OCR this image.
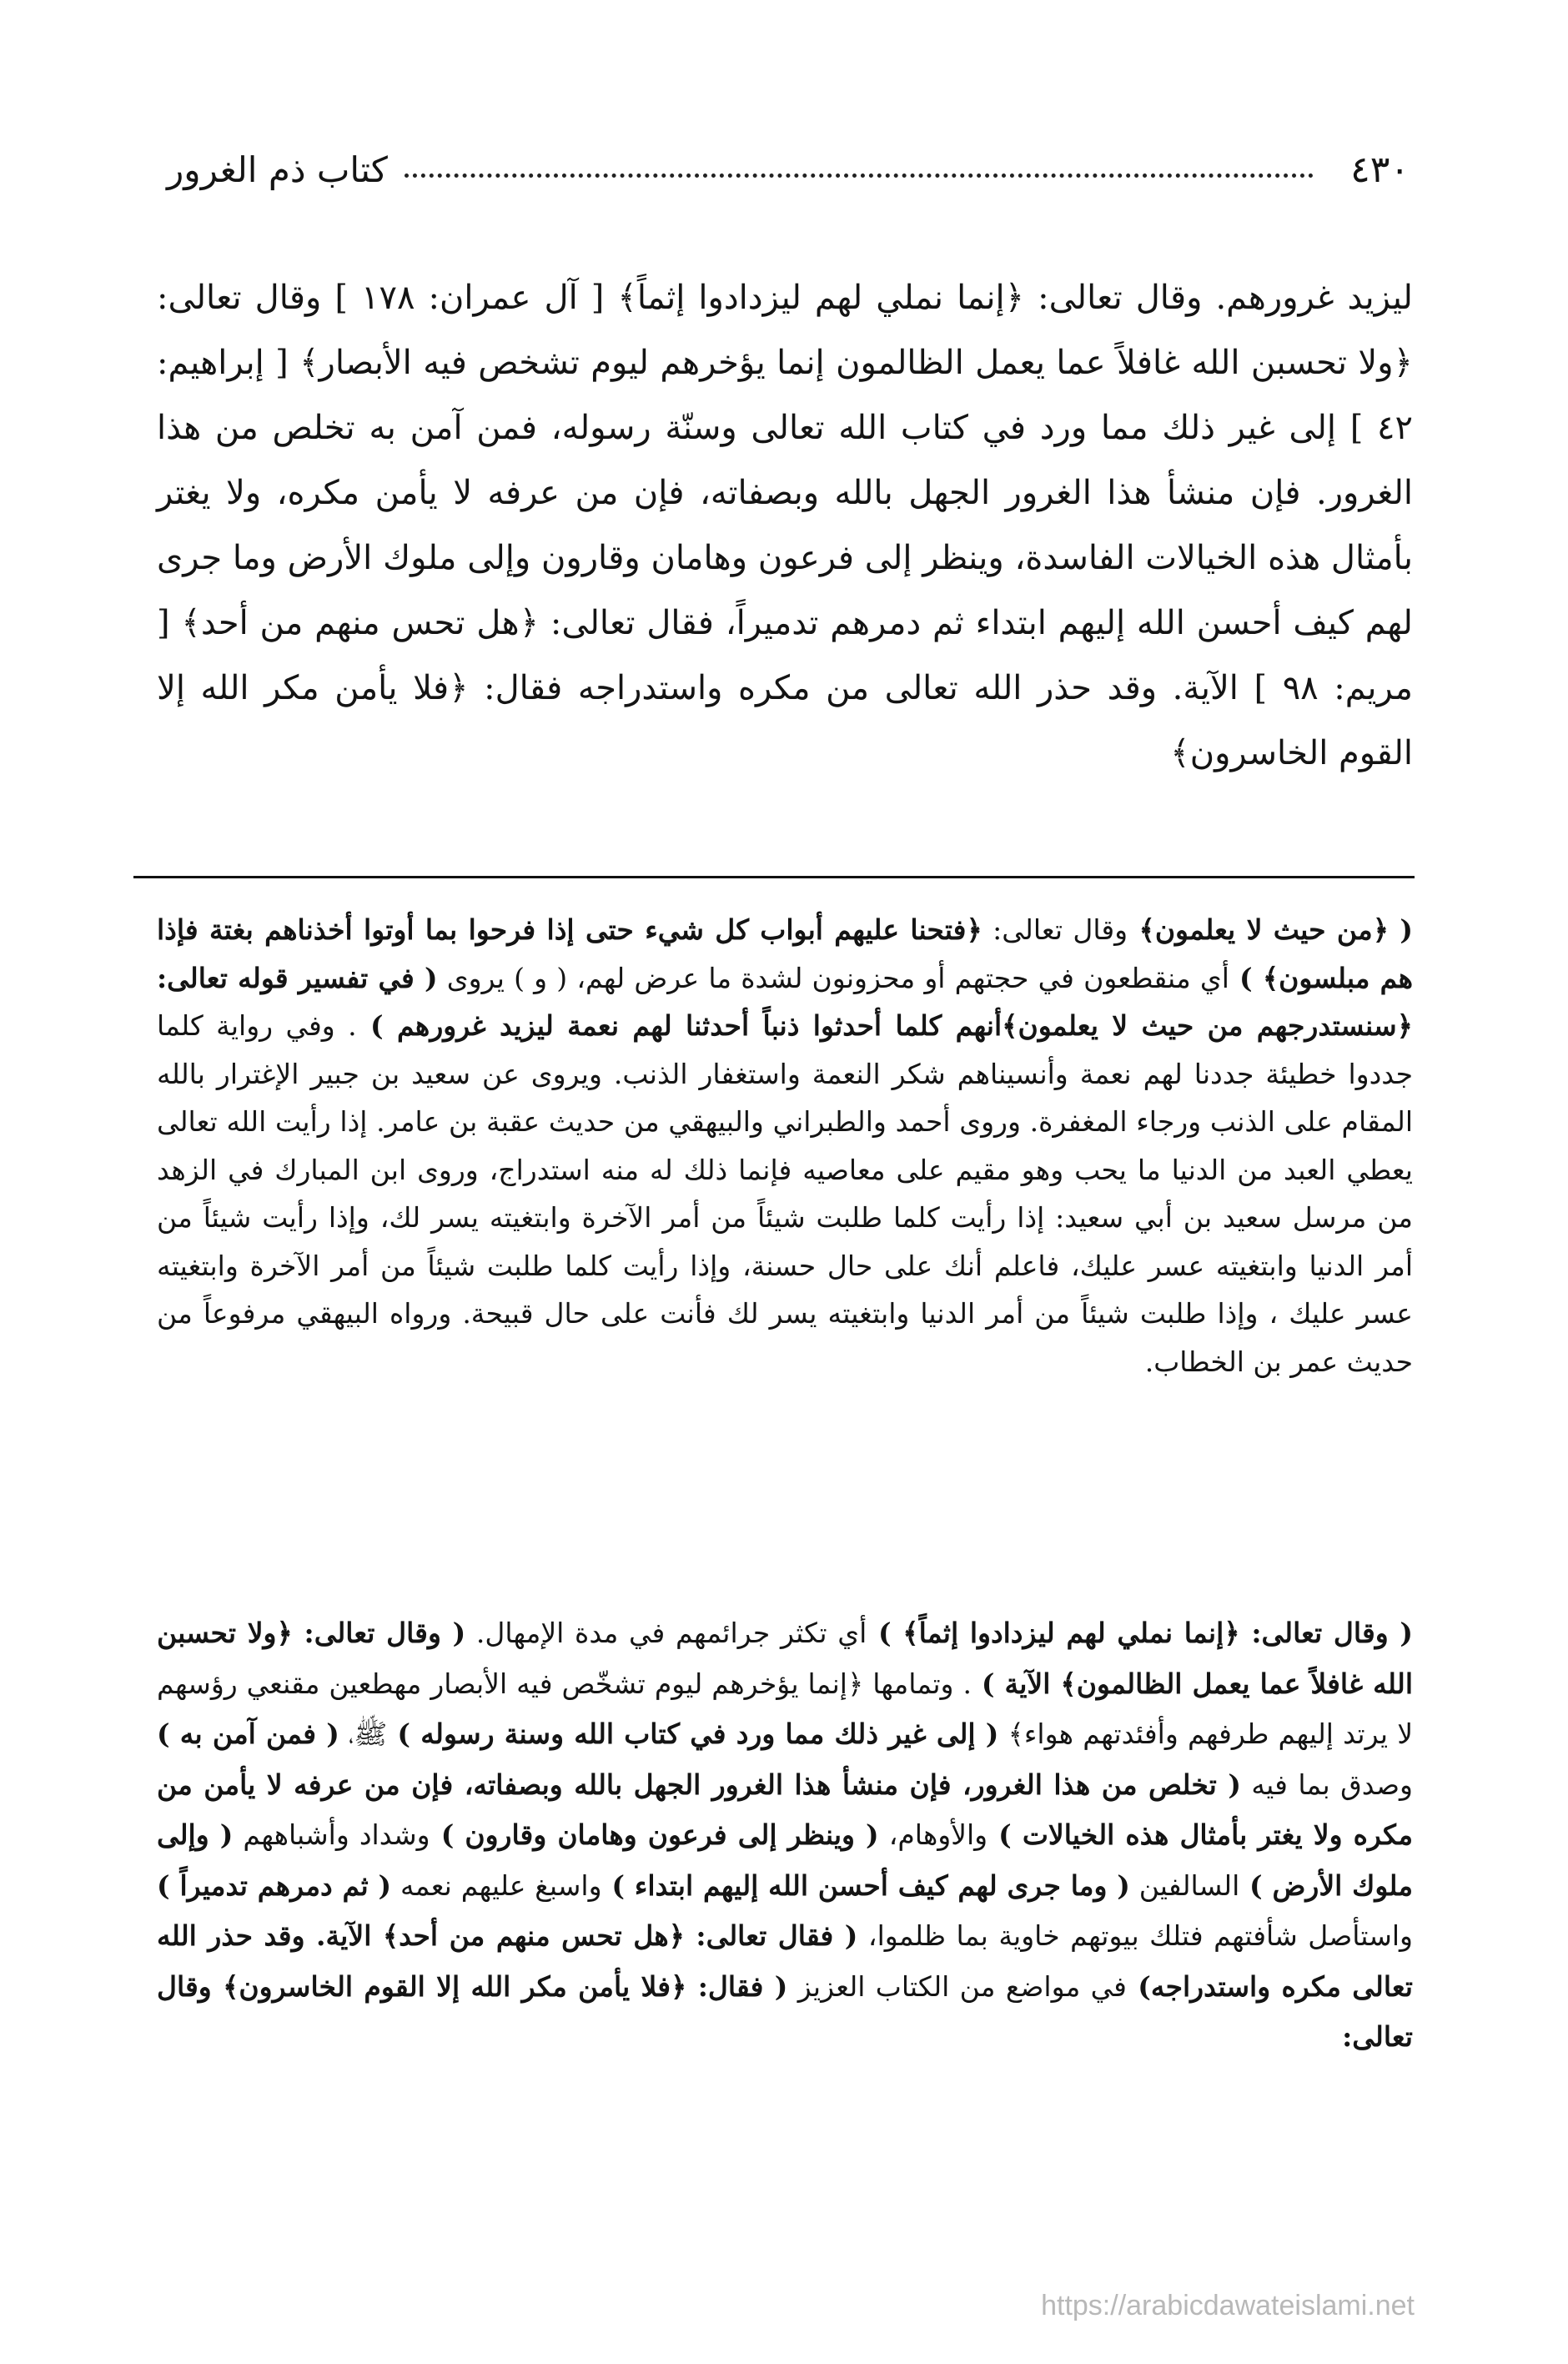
٤٣٠
كتاب ذم الغرور

ليزيد غرورهم. وقال تعالى: ﴿إنما نملي لهم ليزدادوا إثماً﴾ [ آل عمران: ١٧٨ ] وقال تعالى: ﴿ولا تحسبن الله غافلاً عما يعمل الظالمون إنما يؤخرهم ليوم تشخص فيه الأبصار﴾ [ إبراهيم: ٤٢ ] إلى غير ذلك مما ورد في كتاب الله تعالى وسنّة رسوله، فمن آمن به تخلص من هذا الغرور. فإن منشأ هذا الغرور الجهل بالله وبصفاته، فإن من عرفه لا يأمن مكره، ولا يغتر بأمثال هذه الخيالات الفاسدة، وينظر إلى فرعون وهامان وقارون وإلى ملوك الأرض وما جرى لهم كيف أحسن الله إليهم ابتداء ثم دمرهم تدميراً، فقال تعالى: ﴿هل تحس منهم من أحد﴾ [ مريم: ٩٨ ] الآية. وقد حذر الله تعالى من مكره واستدراجه فقال: ﴿فلا يأمن مكر الله إلا القوم الخاسرون﴾

( ﴿من حيث لا يعلمون﴾ وقال تعالى: ﴿فتحنا عليهم أبواب كل شيء حتى إذا فرحوا بما أوتوا أخذناهم بغتة فإذا هم مبلسون﴾ ) أي منقطعون في حجتهم أو محزونون لشدة ما عرض لهم، ( و ) يروى ( في تفسير قوله تعالى: ﴿سنستدرجهم من حيث لا يعلمون﴾أنهم كلما أحدثوا ذنباً أحدثنا لهم نعمة ليزيد غرورهم ) . وفي رواية كلما جددوا خطيئة جددنا لهم نعمة وأنسيناهم شكر النعمة واستغفار الذنب. ويروى عن سعيد بن جبير الإغترار بالله المقام على الذنب ورجاء المغفرة. وروى أحمد والطبراني والبيهقي من حديث عقبة بن عامر. إذا رأيت الله تعالى يعطي العبد من الدنيا ما يحب وهو مقيم على معاصيه فإنما ذلك له منه استدراج، وروى ابن المبارك في الزهد من مرسل سعيد بن أبي سعيد: إذا رأيت كلما طلبت شيئاً من أمر الآخرة وابتغيته يسر لك، وإذا رأيت شيئاً من أمر الدنيا وابتغيته عسر عليك، فاعلم أنك على حال حسنة، وإذا رأيت كلما طلبت شيئاً من أمر الآخرة وابتغيته عسر عليك ، وإذا طلبت شيئاً من أمر الدنيا وابتغيته يسر لك فأنت على حال قبيحة. ورواه البيهقي مرفوعاً من حديث عمر بن الخطاب.

( وقال تعالى: ﴿إنما نملي لهم ليزدادوا إثماً﴾ ) أي تكثر جرائمهم في مدة الإمهال. ( وقال تعالى: ﴿ولا تحسبن الله غافلاً عما يعمل الظالمون﴾ الآية ) . وتمامها ﴿إنما يؤخرهم ليوم تشخّص فيه الأبصار مهطعين مقنعي رؤسهم لا يرتد إليهم طرفهم وأفئدتهم هواء﴾ ( إلى غير ذلك مما ورد في كتاب الله وسنة رسوله ) ﷺ، ( فمن آمن به ) وصدق بما فيه ( تخلص من هذا الغرور، فإن منشأ هذا الغرور الجهل بالله وبصفاته، فإن من عرفه لا يأمن من مكره ولا يغتر بأمثال هذه الخيالات ) والأوهام، ( وينظر إلى فرعون وهامان وقارون ) وشداد وأشباههم ( وإلى ملوك الأرض ) السالفين ( وما جرى لهم كيف أحسن الله إليهم ابتداء ) واسبغ عليهم نعمه ( ثم دمرهم تدميراً ) واستأصل شأفتهم فتلك بيوتهم خاوية بما ظلموا، ( فقال تعالى: ﴿هل تحس منهم من أحد﴾ الآية. وقد حذر الله تعالى مكره واستدراجه) في مواضع من الكتاب العزيز ( فقال: ﴿فلا يأمن مكر الله إلا القوم الخاسرون﴾ وقال تعالى:

https://arabicdawateislami.net
